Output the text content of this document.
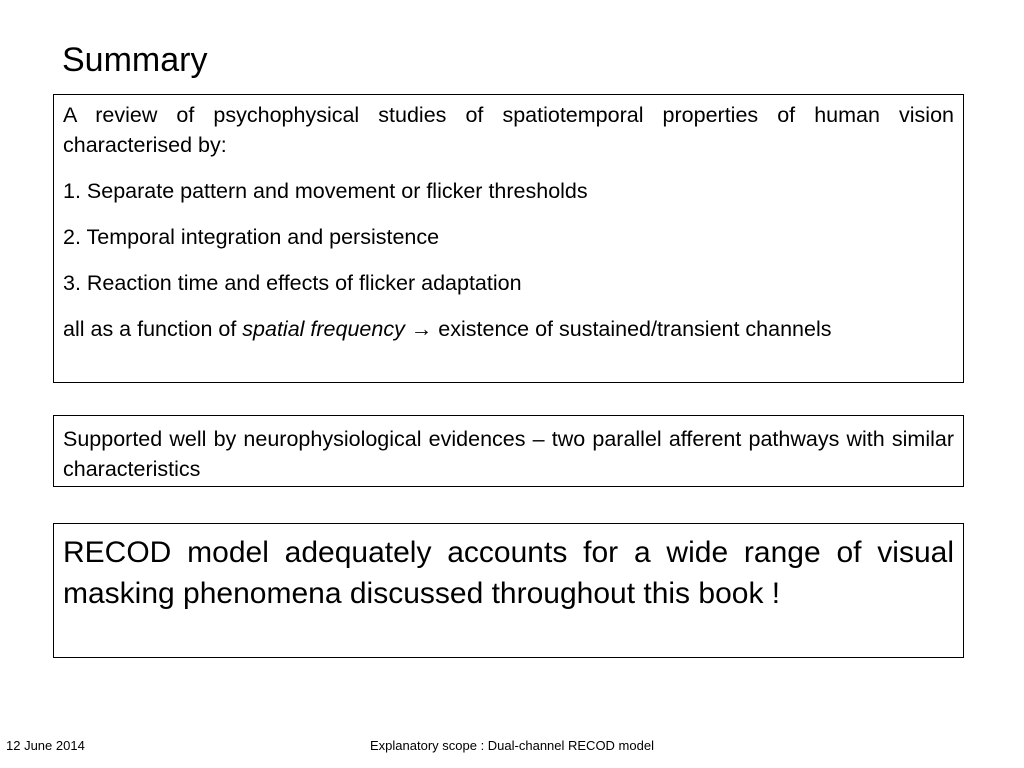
Summary

A review of psychophysical studies of spatiotemporal properties of human vision characterised by:

1. Separate pattern and movement or flicker thresholds

2. Temporal integration and persistence

3. Reaction time and effects of flicker adaptation

all as a function of spatial frequency → existence of sustained/transient channels

Supported well by neurophysiological evidences – two parallel afferent pathways with similar characteristics

RECOD model adequately accounts for a wide range of visual masking phenomena discussed throughout this book !

12 June 2014	Explanatory scope : Dual-channel RECOD model
